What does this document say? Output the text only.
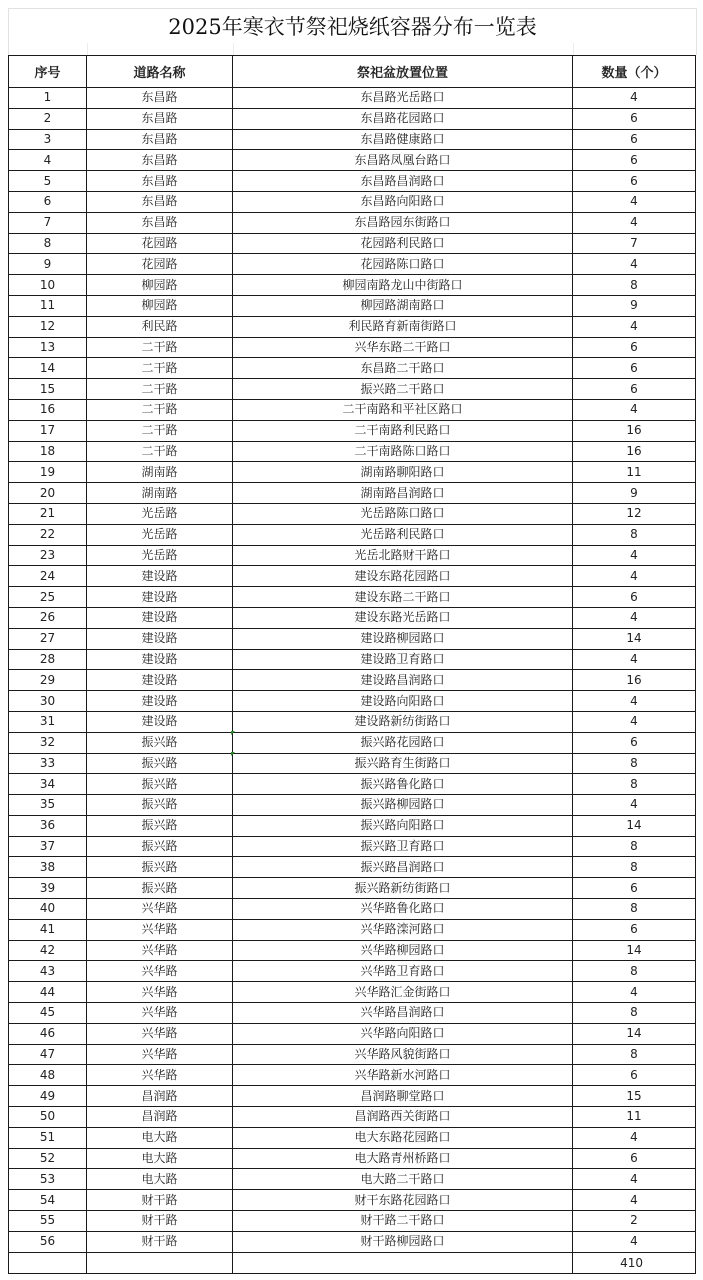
2025年寒衣节祭祀烧纸容器分布一览表
序号	道路名称	祭祀盆放置位置	数量（个）
1	东昌路	东昌路光岳路口	4
2	东昌路	东昌路花园路口	6
3	东昌路	东昌路健康路口	6
4	东昌路	东昌路凤凰台路口	6
5	东昌路	东昌路昌润路口	6
6	东昌路	东昌路向阳路口	4
7	东昌路	东昌路园东街路口	4
8	花园路	花园路利民路口	7
9	花园路	花园路陈口路口	4
10	柳园路	柳园南路龙山中街路口	8
11	柳园路	柳园路湖南路口	9
12	利民路	利民路育新南街路口	4
13	二干路	兴华东路二干路口	6
14	二干路	东昌路二干路口	6
15	二干路	振兴路二干路口	6
16	二干路	二干南路和平社区路口	4
17	二干路	二干南路利民路口	16
18	二干路	二干南路陈口路口	16
19	湖南路	湖南路聊阳路口	11
20	湖南路	湖南路昌润路口	9
21	光岳路	光岳路陈口路口	12
22	光岳路	光岳路利民路口	8
23	光岳路	光岳北路财干路口	4
24	建设路	建设东路花园路口	4
25	建设路	建设东路二干路口	6
26	建设路	建设东路光岳路口	4
27	建设路	建设路柳园路口	14
28	建设路	建设路卫育路口	4
29	建设路	建设路昌润路口	16
30	建设路	建设路向阳路口	4
31	建设路	建设路新纺街路口	4
32	振兴路	振兴路花园路口	6
33	振兴路	振兴路育生街路口	8
34	振兴路	振兴路鲁化路口	8
35	振兴路	振兴路柳园路口	4
36	振兴路	振兴路向阳路口	14
37	振兴路	振兴路卫育路口	8
38	振兴路	振兴路昌润路口	8
39	振兴路	振兴路新纺街路口	6
40	兴华路	兴华路鲁化路口	8
41	兴华路	兴华路滦河路口	6
42	兴华路	兴华路柳园路口	14
43	兴华路	兴华路卫育路口	8
44	兴华路	兴华路汇金街路口	4
45	兴华路	兴华路昌润路口	8
46	兴华路	兴华路向阳路口	14
47	兴华路	兴华路风貌街路口	8
48	兴华路	兴华路新水河路口	6
49	昌润路	昌润路聊堂路口	15
50	昌润路	昌润路西关街路口	11
51	电大路	电大东路花园路口	4
52	电大路	电大路青州桥路口	6
53	电大路	电大路二干路口	4
54	财干路	财干东路花园路口	4
55	财干路	财干路二干路口	2
56	财干路	财干路柳园路口	4
			410
